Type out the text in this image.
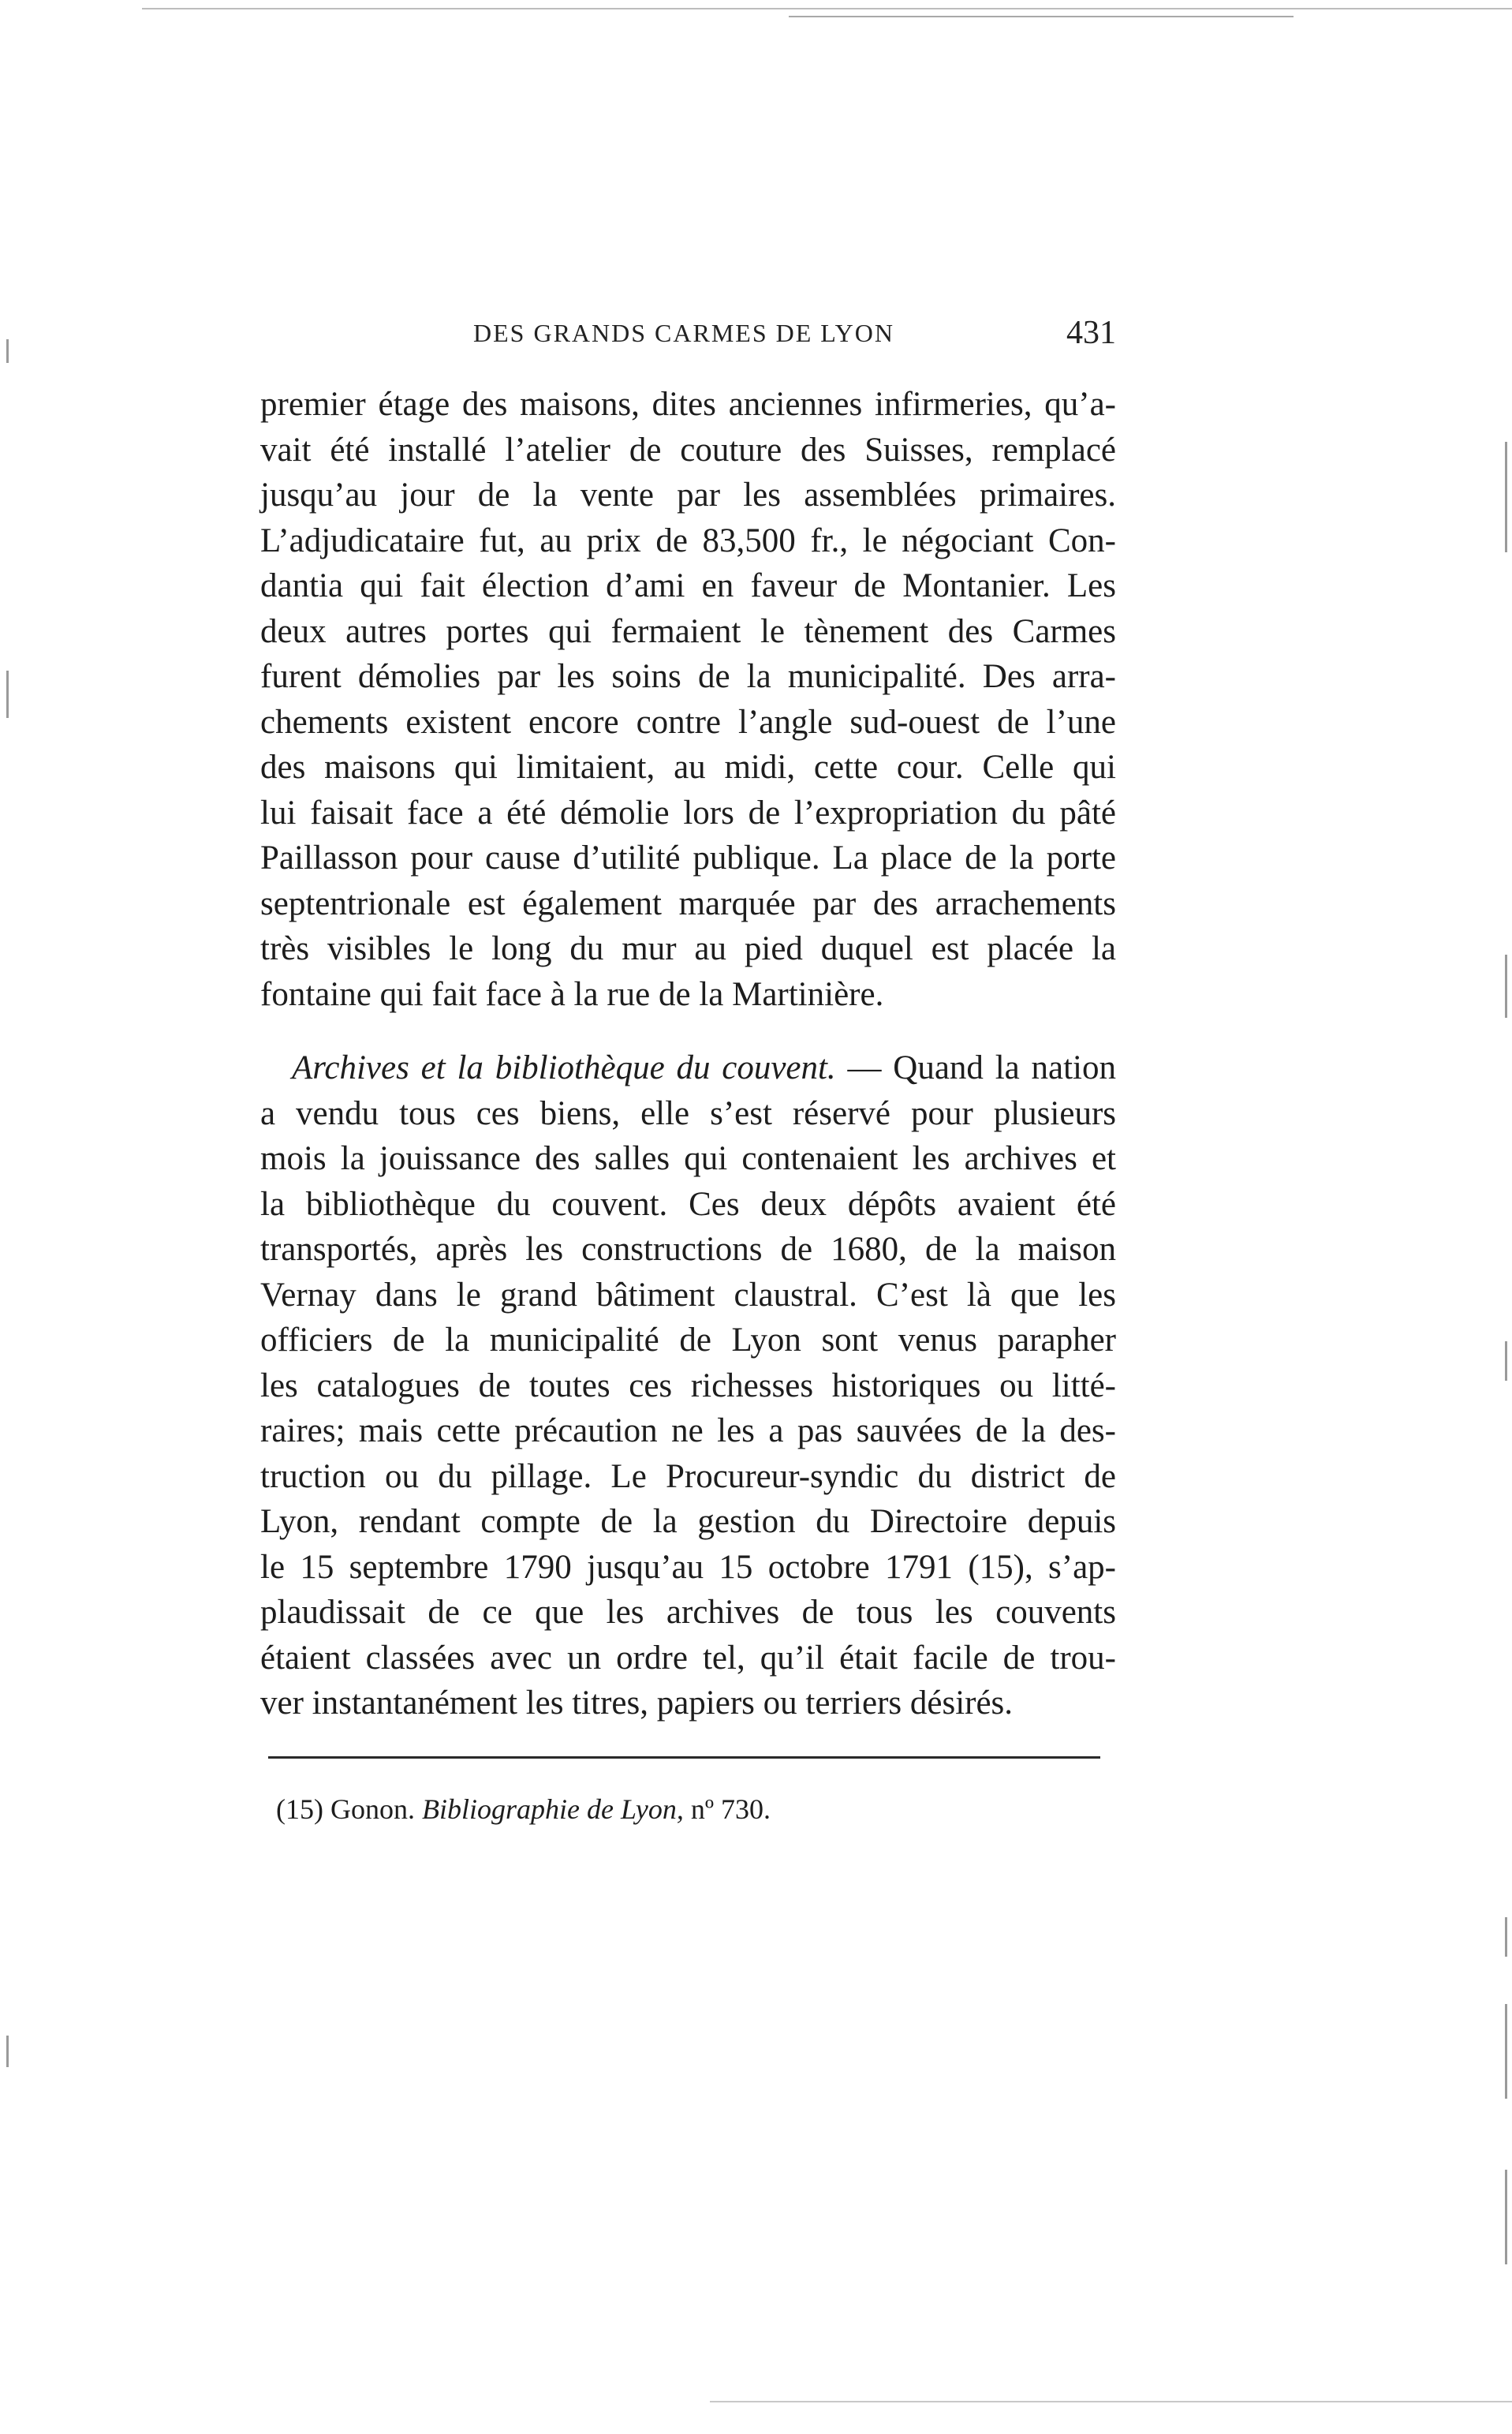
DES GRANDS CARMES DE LYON	431
premier étage des maisons, dites anciennes infirmeries, qu’a-
vait été installé l’atelier de couture des Suisses, remplacé
jusqu’au jour de la vente par les assemblées primaires.
L’adjudicataire fut, au prix de 83,500 fr., le négociant Con-
dantia qui fait élection d’ami en faveur de Montanier. Les
deux autres portes qui fermaient le tènement des Carmes
furent démolies par les soins de la municipalité. Des arra-
chements existent encore contre l’angle sud-ouest de l’une
des maisons qui limitaient, au midi, cette cour. Celle qui
lui faisait face a été démolie lors de l’expropriation du pâté
Paillasson pour cause d’utilité publique. La place de la porte
septentrionale est également marquée par des arrachements
très visibles le long du mur au pied duquel est placée la
fontaine qui fait face à la rue de la Martinière.
Archives et la bibliothèque du couvent. — Quand la nation
a vendu tous ces biens, elle s’est réservé pour plusieurs
mois la jouissance des salles qui contenaient les archives et
la bibliothèque du couvent. Ces deux dépôts avaient été
transportés, après les constructions de 1680, de la maison
Vernay dans le grand bâtiment claustral. C’est là que les
officiers de la municipalité de Lyon sont venus parapher
les catalogues de toutes ces richesses historiques ou litté-
raires; mais cette précaution ne les a pas sauvées de la des-
truction ou du pillage. Le Procureur-syndic du district de
Lyon, rendant compte de la gestion du Directoire depuis
le 15 septembre 1790 jusqu’au 15 octobre 1791 (15), s’ap-
plaudissait de ce que les archives de tous les couvents
étaient classées avec un ordre tel, qu’il était facile de trou-
ver instantanément les titres, papiers ou terriers désirés.
(15) Gonon. Bibliographie de Lyon, nº 730.
